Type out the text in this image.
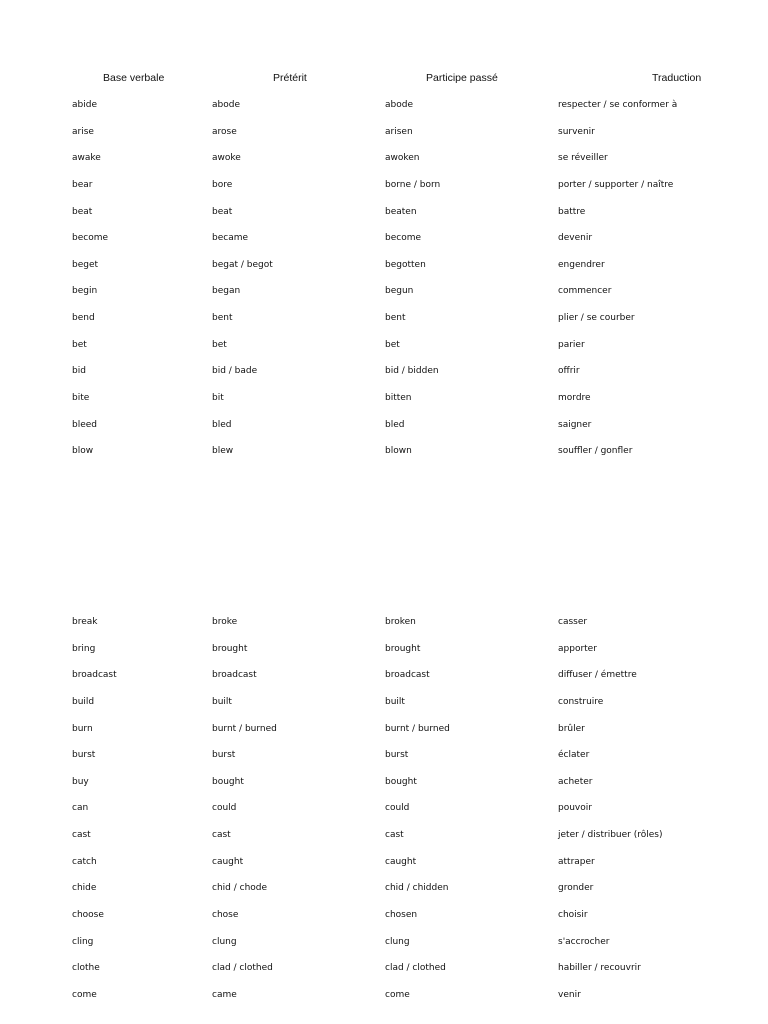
Base verbale	Prétérit	Participe passé	Traduction
abide	abode	abode	respecter / se conformer à
arise	arose	arisen	survenir
awake	awoke	awoken	se réveiller
bear	bore	borne / born	porter / supporter / naître
beat	beat	beaten	battre
become	became	become	devenir
beget	begat / begot	begotten	engendrer
begin	began	begun	commencer
bend	bent	bent	plier / se courber
bet	bet	bet	parier
bid	bid / bade	bid / bidden	offrir
bite	bit	bitten	mordre
bleed	bled	bled	saigner
blow	blew	blown	souffler / gonfler
break	broke	broken	casser
bring	brought	brought	apporter
broadcast	broadcast	broadcast	diffuser / émettre
build	built	built	construire
burn	burnt / burned	burnt / burned	brûler
burst	burst	burst	éclater
buy	bought	bought	acheter
can	could	could	pouvoir
cast	cast	cast	jeter / distribuer (rôles)
catch	caught	caught	attraper
chide	chid / chode	chid / chidden	gronder
choose	chose	chosen	choisir
cling	clung	clung	s'accrocher
clothe	clad / clothed	clad / clothed	habiller / recouvrir
come	came	come	venir
